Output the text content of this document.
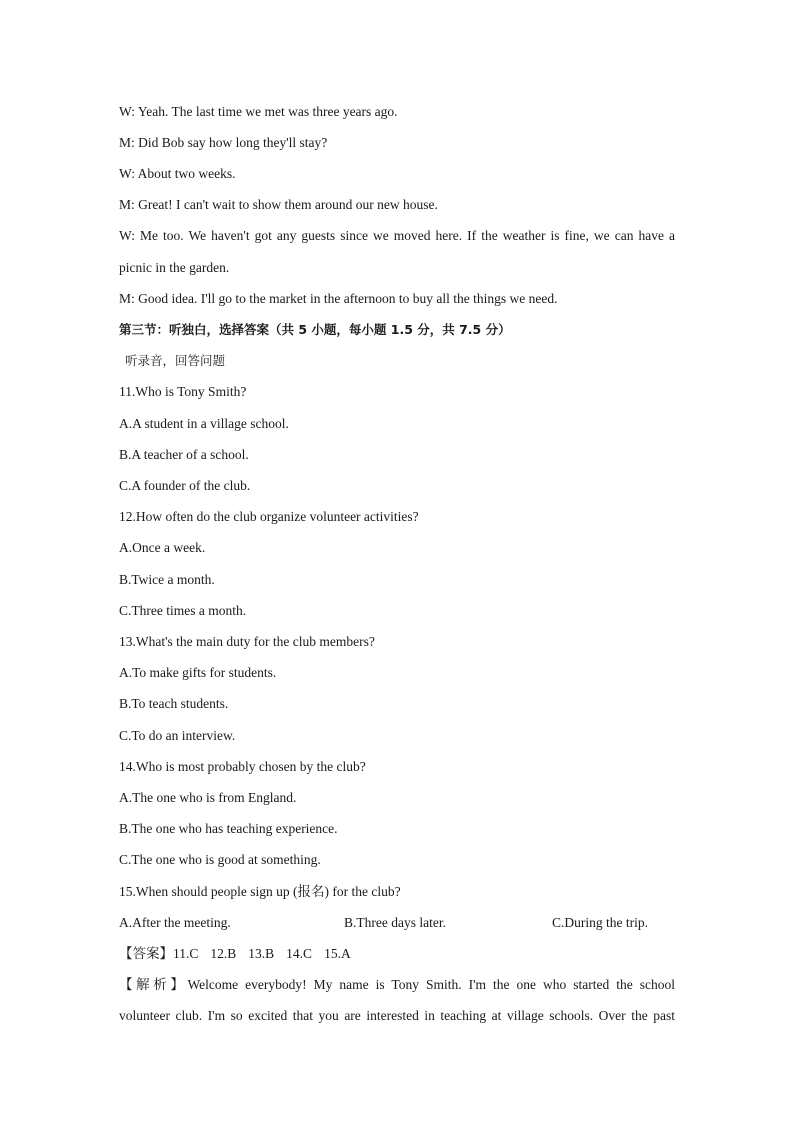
W: Yeah. The last time we met was three years ago.
M: Did Bob say how long they'll stay?
W: About two weeks.
M: Great! I can't wait to show them around our new house.
W: Me too. We haven't got any guests since we moved here. If the weather is fine, we can have a
picnic in the garden.
M: Good idea. I'll go to the market in the afternoon to buy all the things we need.
第三节：听独白，选择答案（共 5 小题，每小题 1.5 分，共 7.5 分）
听录音，回答问题
11.Who is Tony Smith?
A.A student in a village school.
B.A teacher of a school.
C.A founder of the club.
12.How often do the club organize volunteer activities?
A.Once a week.
B.Twice a month.
C.Three times a month.
13.What's the main duty for the club members?
A.To make gifts for students.
B.To teach students.
C.To do an interview.
14.Who is most probably chosen by the club?
A.The one who is from England.
B.The one who has teaching experience.
C.The one who is good at something.
15.When should people sign up (报名) for the club?
A.After the meeting.	B.Three days later.	C.During the trip.
【答案】11.C 12.B 13.B 14.C 15.A
【解析】Welcome everybody! My name is Tony Smith. I'm the one who started the school
volunteer club. I'm so excited that you are interested in teaching at village schools. Over the past
